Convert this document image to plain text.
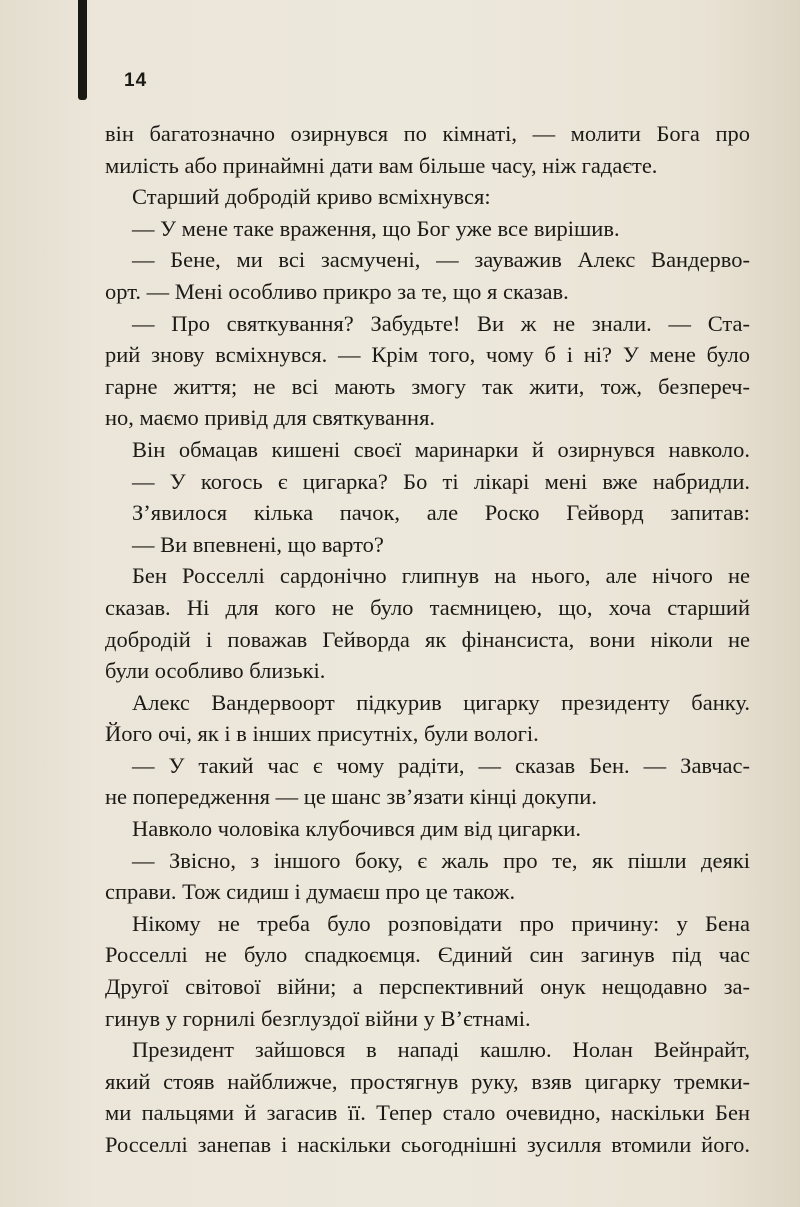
14
він багатозначно озирнувся по кімнаті, — молити Бога про
милість або принаймні дати вам більше часу, ніж гадаєте.
Старший добродій криво всміхнувся:
— У мене таке враження, що Бог уже все вирішив.
— Бене, ми всі засмучені, — зауважив Алекс Вандерво-
орт. — Мені особливо прикро за те, що я сказав.
— Про святкування? Забудьте! Ви ж не знали. — Ста-
рий знову всміхнувся. — Крім того, чому б і ні? У мене було
гарне життя; не всі мають змогу так жити, тож, безпереч-
но, маємо привід для святкування.
Він обмацав кишені своєї маринарки й озирнувся навколо.
— У когось є цигарка? Бо ті лікарі мені вже набридли.
З’явилося кілька пачок, але Роско Гейворд запитав:
— Ви впевнені, що варто?
Бен Росселлі сардонічно глипнув на нього, але нічого не
сказав. Ні для кого не було таємницею, що, хоча старший
добродій і поважав Гейворда як фінансиста, вони ніколи не
були особливо близькі.
Алекс Вандервоорт підкурив цигарку президенту банку.
Його очі, як і в інших присутніх, були вологі.
— У такий час є чому радіти, — сказав Бен. — Завчас-
не попередження — це шанс зв’язати кінці докупи.
Навколо чоловіка клубочився дим від цигарки.
— Звісно, з іншого боку, є жаль про те, як пішли деякі
справи. Тож сидиш і думаєш про це також.
Нікому не треба було розповідати про причину: у Бена
Росселлі не було спадкоємця. Єдиний син загинув під час
Другої світової війни; а перспективний онук нещодавно за-
гинув у горнилі безглуздої війни у В’єтнамі.
Президент зайшовся в нападі кашлю. Нолан Вейнрайт,
який стояв найближче, простягнув руку, взяв цигарку тремки-
ми пальцями й загасив її. Тепер стало очевидно, наскільки Бен
Росселлі занепав і наскільки сьогоднішні зусилля втомили його.
